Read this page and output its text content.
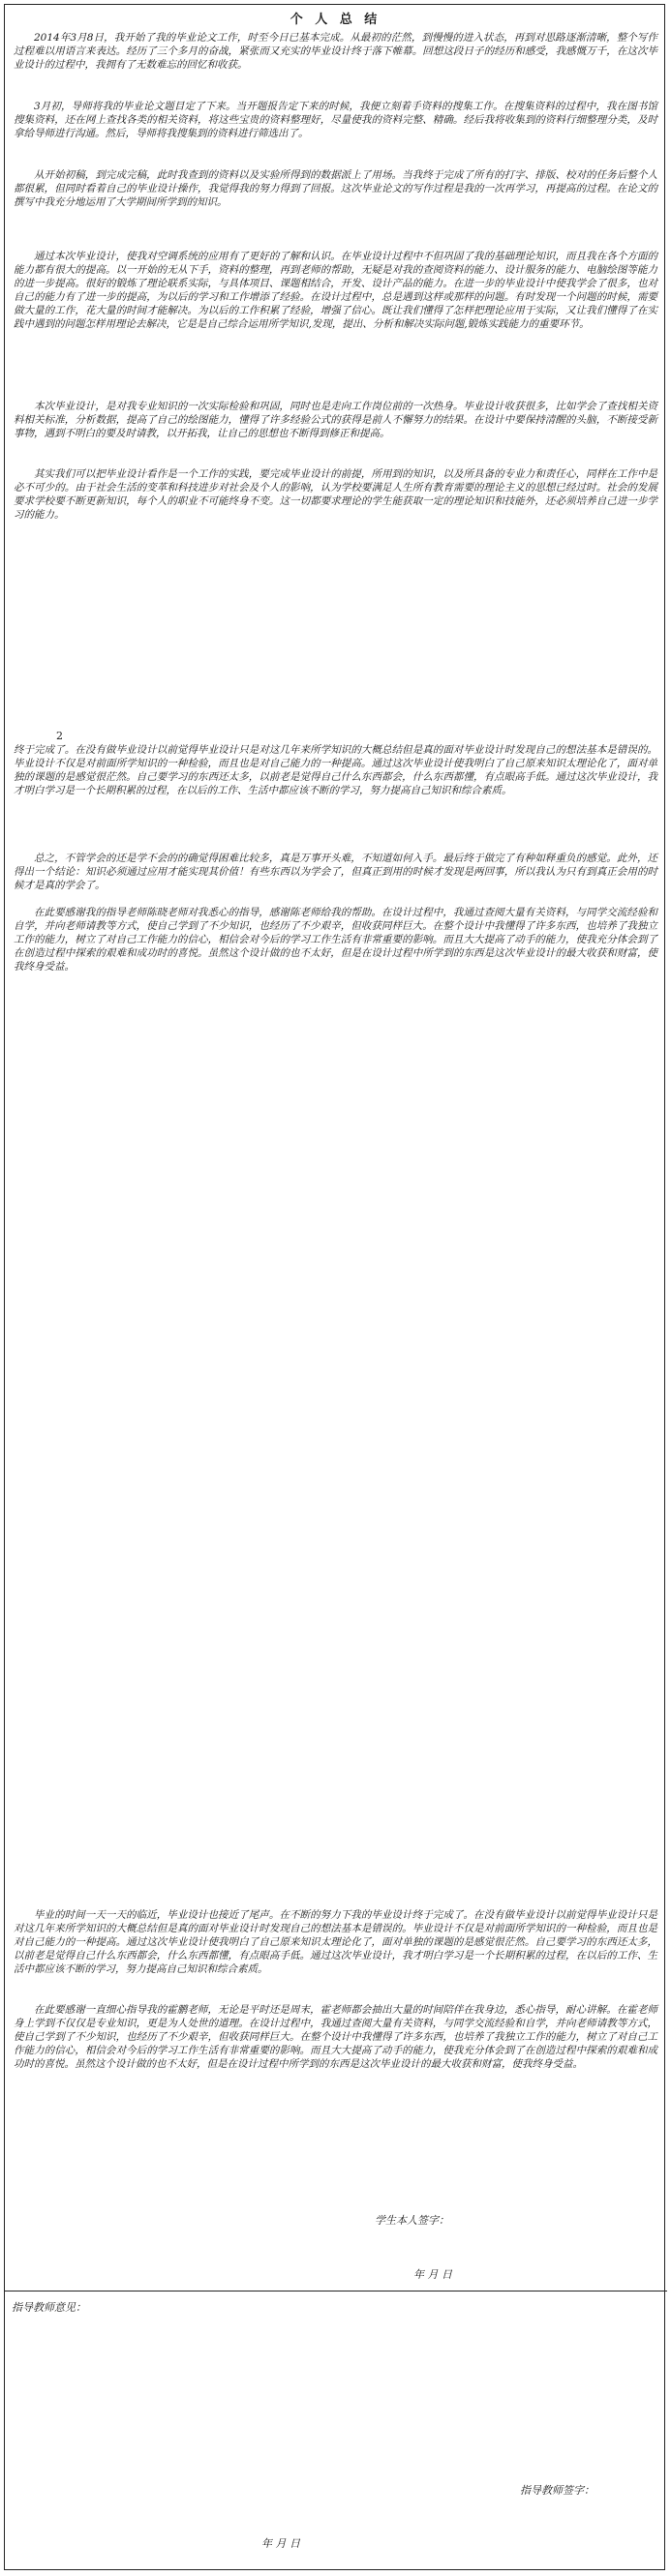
个 人 总 结

2014年3月8日，我开始了我的毕业论文工作，时至今日已基本完成。从最初的茫然，到慢慢的进入状态，再到对思路逐渐清晰，整个写作过程难以用语言来表达。经历了三个多月的奋战，紧张而又充实的毕业设计终于落下帷幕。回想这段日子的经历和感受，我感慨万千，在这次毕业设计的过程中，我拥有了无数难忘的回忆和收获。

3月初，导师将我的毕业论文题目定了下来。当开题报告定下来的时候，我便立刻着手资料的搜集工作。在搜集资料的过程中，我在图书馆搜集资料，还在网上查找各类的相关资料，将这些宝贵的资料整理好，尽量使我的资料完整、精确。经后我将收集到的资料行细整理分类，及时拿给导师进行沟通。然后，导师将我搜集到的资料进行筛选出了。

从开始初稿，到完成完稿，此时我查到的资料以及实验所得到的数据派上了用场。当我终于完成了所有的打字、排版、校对的任务后整个人都很累，但同时看着自己的毕业设计操作，我觉得我的努力得到了回报。这次毕业论文的写作过程是我的一次再学习，再提高的过程。在论文的撰写中我充分地运用了大学期间所学到的知识。

通过本次毕业设计，使我对空调系统的应用有了更好的了解和认识。在毕业设计过程中不但巩固了我的基础理论知识，而且我在各个方面的能力都有很大的提高。以一开始的无从下手，资料的整理，再到老师的帮助，无疑是对我的查阅资料的能力、设计服务的能力、电脑绘图等能力的进一步提高。很好的锻炼了理论联系实际，与具体项目、课题相结合，开发、设计产品的能力。在进一步的毕业设计中使我学会了很多，也对自己的能力有了进一步的提高，为以后的学习和工作增添了经验。在设计过程中，总是遇到这样或那样的问题。有时发现一个问题的时候，需要做大量的工作，花大量的时间才能解决。为以后的工作积累了经验，增强了信心。既让我们懂得了怎样把理论应用于实际，又让我们懂得了在实践中遇到的问题怎样用理论去解决，它是是自己综合运用所学知识,发现，提出、分析和解决实际问题,锻炼实践能力的重要环节。

本次毕业设计，是对我专业知识的一次实际检验和巩固，同时也是走向工作岗位前的一次热身。毕业设计收获很多，比如学会了查找相关资料相关标准，分析数据，提高了自己的绘图能力，懂得了许多经验公式的获得是前人不懈努力的结果。在设计中要保持清醒的头脑，不断接受新事物，遇到不明白的要及时请教，以开拓我，让自己的思想也不断得到修正和提高。

其实我们可以把毕业设计看作是一个工作的实践，要完成毕业设计的前提，所用到的知识，以及所具备的专业力和责任心，同样在工作中是必不可少的。由于社会生活的变革和科技进步对社会及个人的影响，认为学校要满足人生所有教育需要的理论主义的思想已经过时。社会的发展要求学校要不断更新知识，每个人的职业不可能终身不变。这一切都要求理论的学生能获取一定的理论知识和技能外，还必须培养自己进一步学习的能力。

2

终于完成了。在没有做毕业设计以前觉得毕业设计只是对这几年来所学知识的大概总结但是真的面对毕业设计时发现自己的想法基本是错误的。毕业设计不仅是对前面所学知识的一种检验，而且也是对自己能力的一种提高。通过这次毕业设计使我明白了自己原来知识太理论化了，面对单独的课题的是感觉很茫然。自己要学习的东西还太多，以前老是觉得自己什么东西都会，什么东西都懂，有点眼高手低。通过这次毕业设计，我才明白学习是一个长期积累的过程，在以后的工作、生活中都应该不断的学习，努力提高自己知识和综合素质。

总之，不管学会的还是学不会的的确觉得困难比较多，真是万事开头难，不知道如何入手。最后终于做完了有种如释重负的感觉。此外，还得出一个结论：知识必须通过应用才能实现其价值！有些东西以为学会了，但真正到用的时候才发现是两回事，所以我认为只有到真正会用的时候才是真的学会了。

在此要感谢我的指导老师陈晓老师对我悉心的指导，感谢陈老师给我的帮助。在设计过程中，我通过查阅大量有关资料，与同学交流经验和自学，并向老师请教等方式，使自己学到了不少知识，也经历了不少艰辛，但收获同样巨大。在整个设计中我懂得了许多东西，也培养了我独立工作的能力，树立了对自己工作能力的信心，相信会对今后的学习工作生活有非常重要的影响。而且大大提高了动手的能力，使我充分体会到了在创造过程中探索的艰难和成功时的喜悦。虽然这个设计做的也不太好，但是在设计过程中所学到的东西是这次毕业设计的最大收获和财富，使我终身受益。

毕业的时间一天一天的临近，毕业设计也接近了尾声。在不断的努力下我的毕业设计终于完成了。在没有做毕业设计以前觉得毕业设计只是对这几年来所学知识的大概总结但是真的面对毕业设计时发现自己的想法基本是错误的。毕业设计不仅是对前面所学知识的一种检验，而且也是对自己能力的一种提高。通过这次毕业设计使我明白了自己原来知识太理论化了，面对单独的课题的是感觉很茫然。自己要学习的东西还太多，以前老是觉得自己什么东西都会，什么东西都懂，有点眼高手低。通过这次毕业设计，我才明白学习是一个长期积累的过程，在以后的工作、生活中都应该不断的学习，努力提高自己知识和综合素质。

在此要感谢一直细心指导我的霍鹏老师，无论是平时还是周末，霍老师都会抽出大量的时间陪伴在我身边，悉心指导，耐心讲解。在霍老师身上学到不仅仅是专业知识，更是为人处世的道理。在设计过程中，我通过查阅大量有关资料，与同学交流经验和自学，并向老师请教等方式，使自己学到了不少知识，也经历了不少艰辛，但收获同样巨大。在整个设计中我懂得了许多东西，也培养了我独立工作的能力，树立了对自己工作能力的信心，相信会对今后的学习工作生活有非常重要的影响。而且大大提高了动手的能力，使我充分体会到了在创造过程中探索的艰难和成功时的喜悦。虽然这个设计做的也不太好，但是在设计过程中所学到的东西是这次毕业设计的最大收获和财富，使我终身受益。

学生本人签字：
年 月 日
指导教师意见：
指导教师签字：
年 月 日
